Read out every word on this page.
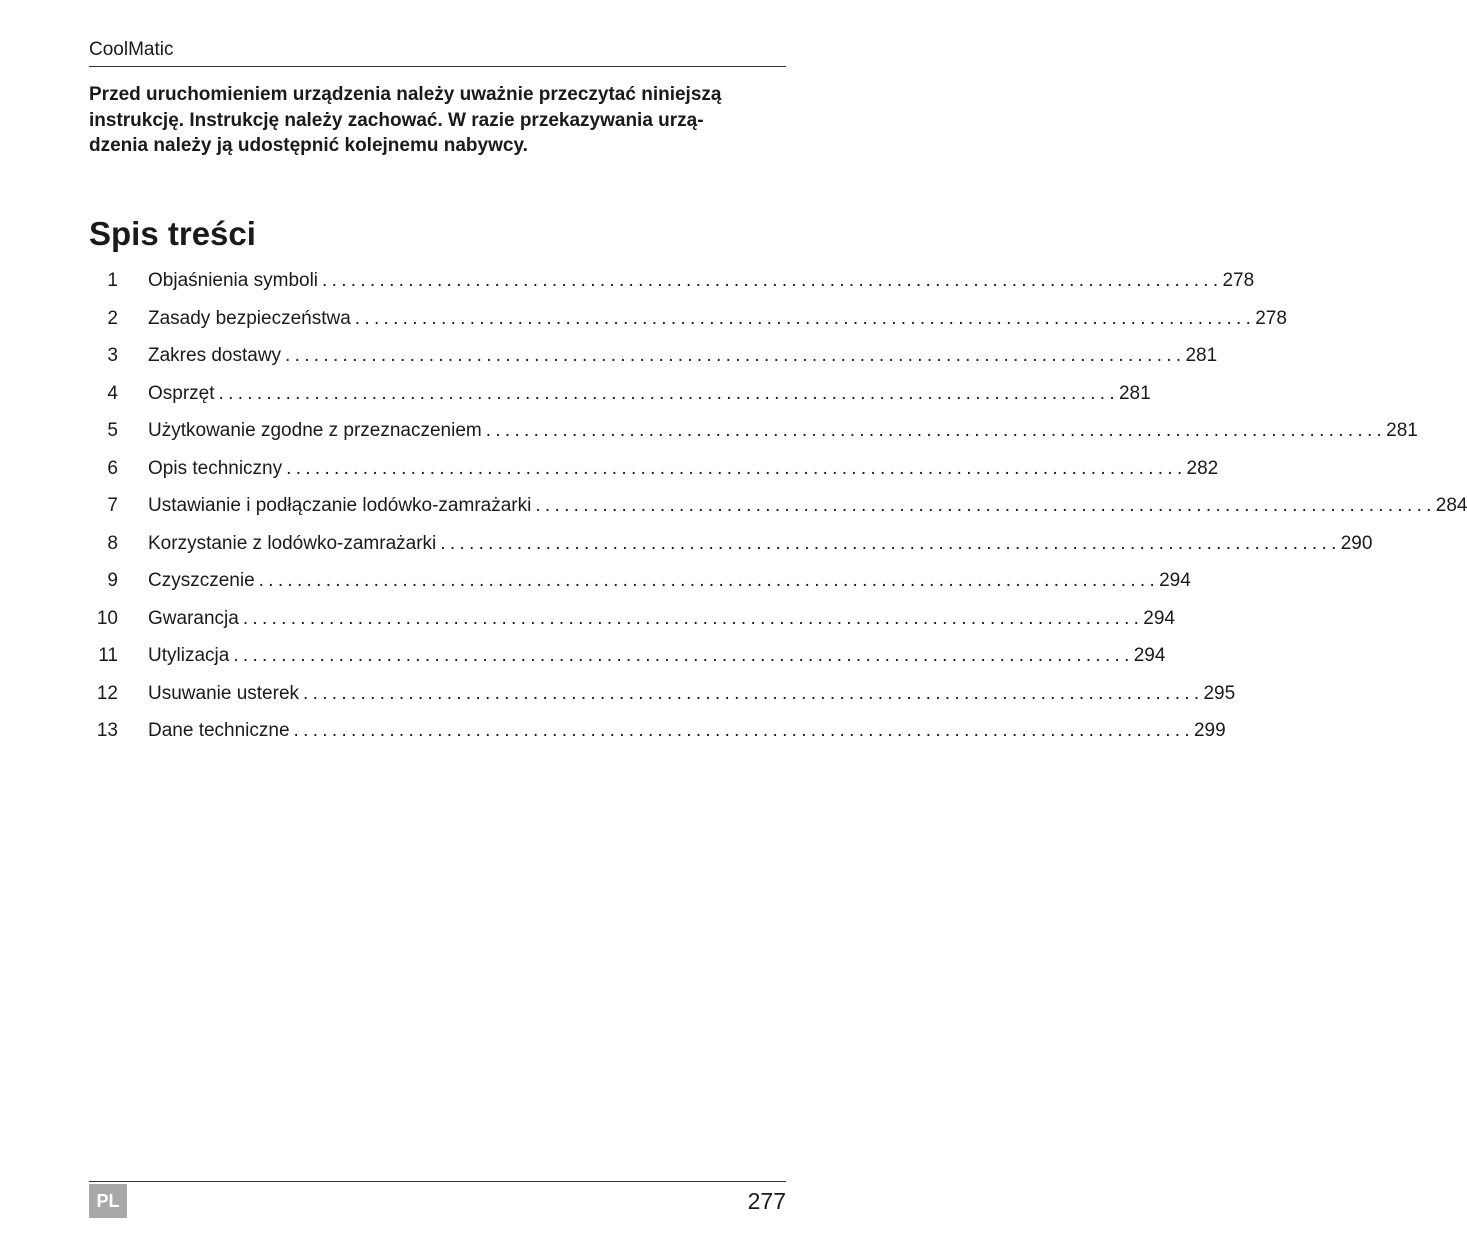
CoolMatic

Przed uruchomieniem urządzenia należy uważnie przeczytać niniejszą
instrukcję. Instrukcję należy zachować. W razie przekazywania urzą-
dzenia należy ją udostępnić kolejnemu nabywcy.

Spis treści
1 Objaśnienia symboli .............................................................................................. 278
2 Zasady bezpieczeństwa .............................................................................................. 278
3 Zakres dostawy .............................................................................................. 281
4 Osprzęt .............................................................................................. 281
5 Użytkowanie zgodne z przeznaczeniem .............................................................................................. 281
6 Opis techniczny .............................................................................................. 282
7 Ustawianie i podłączanie lodówko-zamrażarki .............................................................................................. 284
8 Korzystanie z lodówko-zamrażarki .............................................................................................. 290
9 Czyszczenie .............................................................................................. 294
10 Gwarancja .............................................................................................. 294
11 Utylizacja .............................................................................................. 294
12 Usuwanie usterek .............................................................................................. 295
13 Dane techniczne .............................................................................................. 299
PL	277
